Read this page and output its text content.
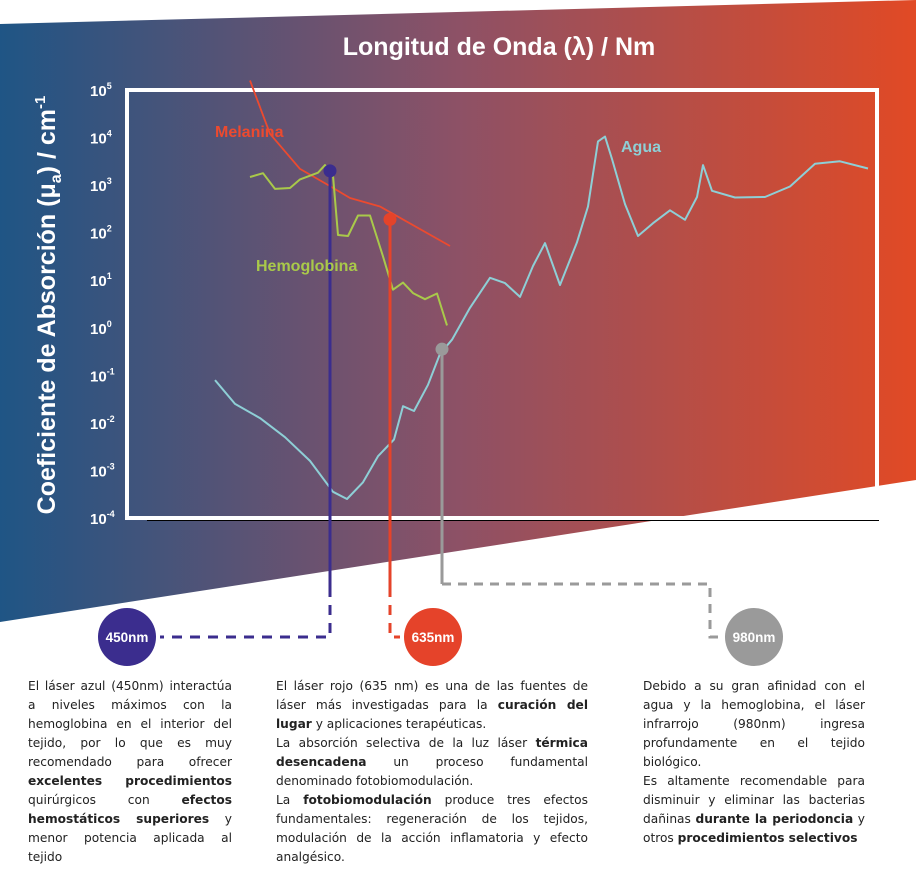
450nm	635nm	980nm
Longitud de Onda (λ) / Nm
Coeficiente de Absorción $(\mu_a) / cm^{-1}$
$10^5$
$10^4$
$10^3$
$10^2$
$10^1$
$10^0$
$10^{-1}$
$10^{-2}$
$10^{-3}$
$10^{-4}$
Melanina
Hemoglobina
Agua

El láser azul (450nm) interactúa a niveles máximos con la hemoglobina en el interior del tejido, por lo que es muy recomendado para ofrecer excelentes procedimientos quirúrgicos con efectos hemostáticos superiores y menor potencia aplicada al tejido

El láser rojo (635 nm) es una de las fuentes de láser más investigadas para la curación del lugar y aplicaciones terapéuticas.

La absorción selectiva de la luz láser térmica desencadena un proceso fundamental denominado fotobiomodulación.

La fotobiomodulación produce tres efectos fundamentales: regeneración de los tejidos, modulación de la acción inflamatoria y efecto analgésico.

Debido a su gran afinidad con el agua y la hemoglobina, el láser infrarrojo (980nm) ingresa profundamente en el tejido biológico.

Es altamente recomendable para disminuir y eliminar las bacterias dañinas durante la periodoncia y otros procedimientos selectivos
